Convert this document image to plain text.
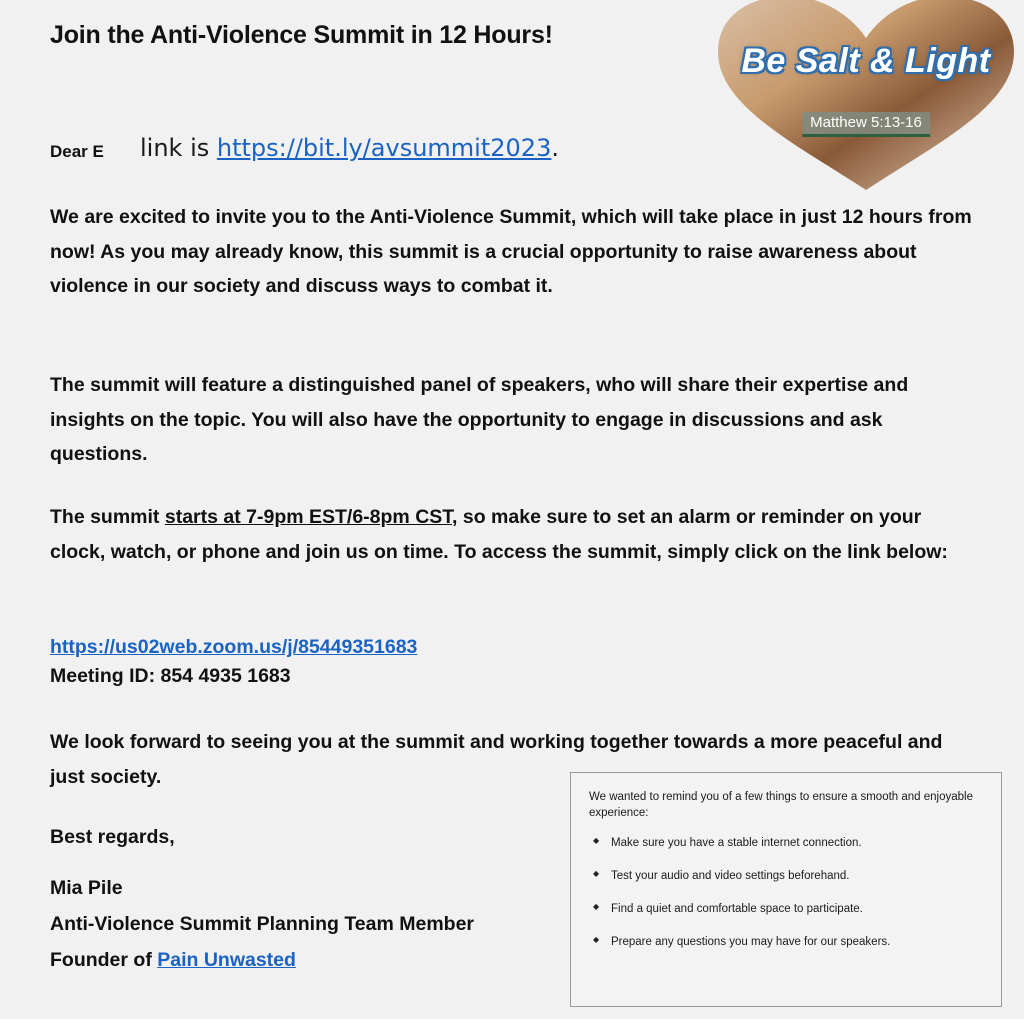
Join the Anti-Violence Summit in 12 Hours!
Be Salt & Light
Matthew 5:13-16
Dear E link is https://bit.ly/avsummit2023.
We are excited to invite you to the Anti-Violence Summit, which will take place in just 12 hours from now! As you may already know, this summit is a crucial opportunity to raise awareness about violence in our society and discuss ways to combat it.
The summit will feature a distinguished panel of speakers, who will share their expertise and insights on the topic. You will also have the opportunity to engage in discussions and ask questions.
The summit starts at 7-9pm EST/6-8pm CST, so make sure to set an alarm or reminder on your clock, watch, or phone and join us on time. To access the summit, simply click on the link below:
https://us02web.zoom.us/j/85449351683
Meeting ID: 854 4935 1683
We look forward to seeing you at the summit and working together towards a more peaceful and just society.
Best regards,
Mia Pile
Anti-Violence Summit Planning Team Member
Founder of Pain Unwasted

We wanted to remind you of a few things to ensure a smooth and enjoyable experience:

◆ Make sure you have a stable internet connection.
◆ Test your audio and video settings beforehand.
◆ Find a quiet and comfortable space to participate.
◆ Prepare any questions you may have for our speakers.
